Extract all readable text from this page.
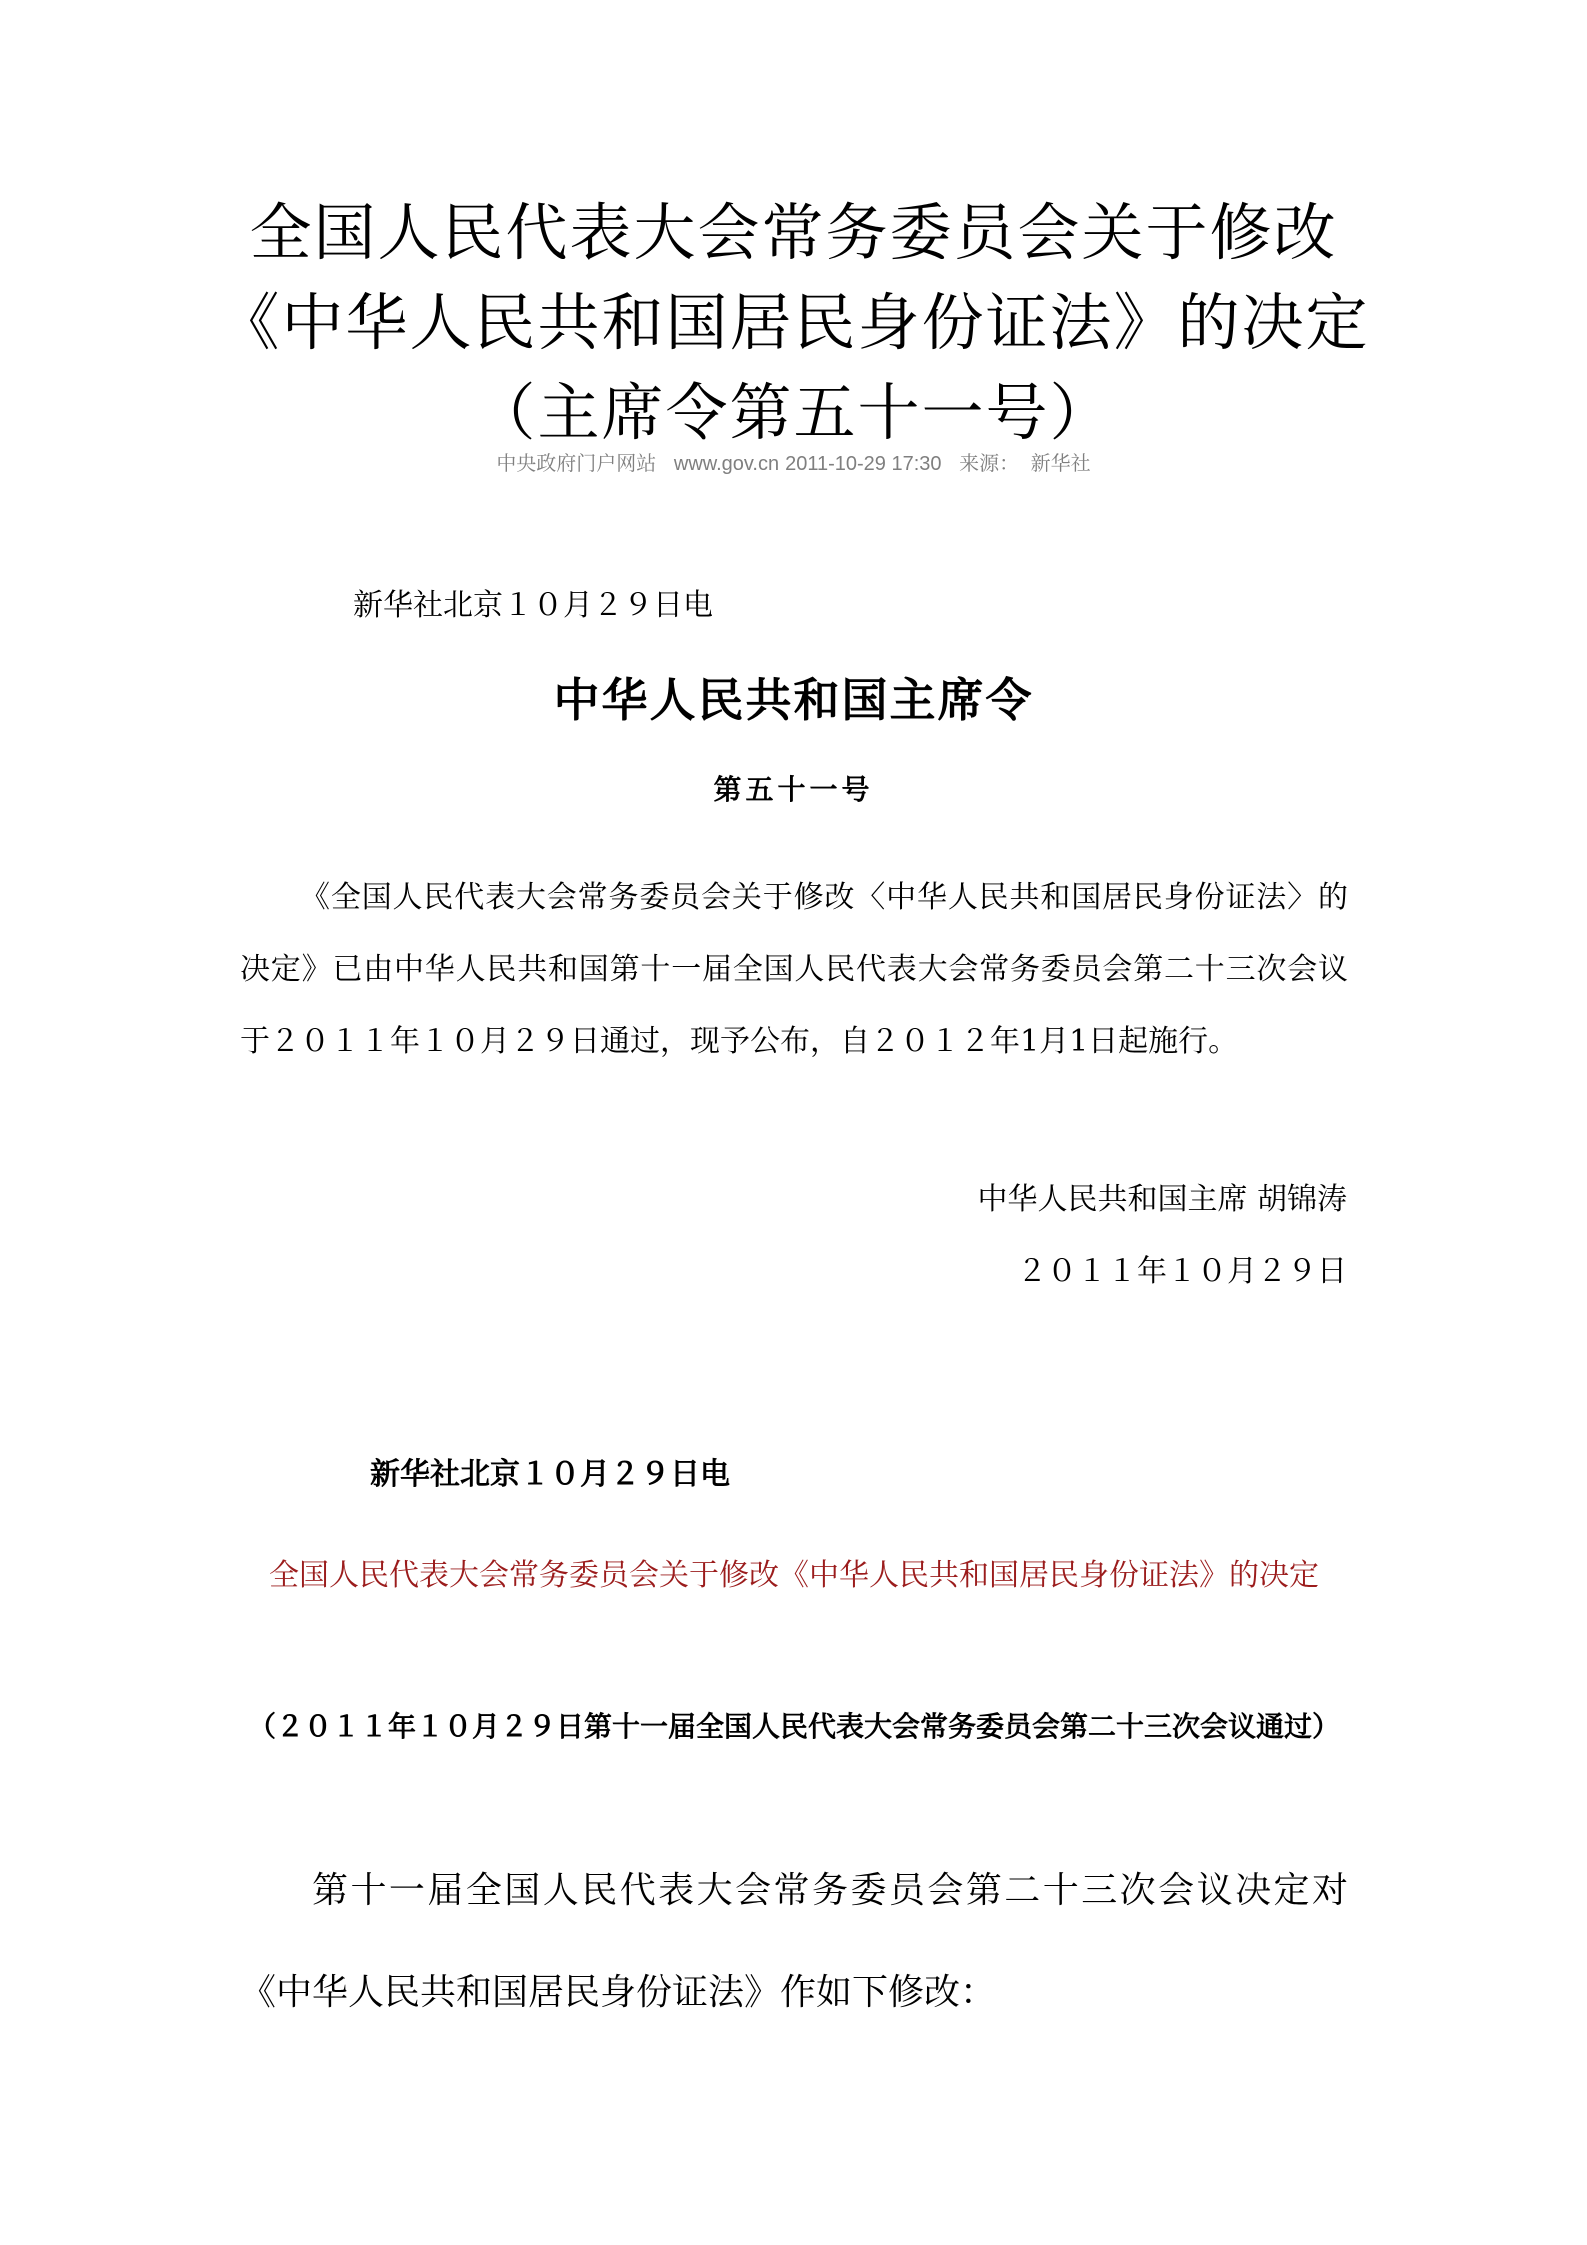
全国人民代表大会常务委员会关于修改《中华人民共和国居民身份证法》的决定（主席令第五十一号）
中央政府门户网站 www.gov.cn 2011-10-29 17:30 来源： 新华社
新华社北京１０月２９日电
中华人民共和国主席令
第五十一号
《全国人民代表大会常务委员会关于修改〈中华人民共和国居民身份证法〉的决定》已由中华人民共和国第十一届全国人民代表大会常务委员会第二十三次会议于２０１１年１０月２９日通过，现予公布，自２０１２年1月1日起施行。
中华人民共和国主席 胡锦涛
２０１１年１０月２９日
新华社北京１０月２９日电
全国人民代表大会常务委员会关于修改《中华人民共和国居民身份证法》的决定
（２０１１年１０月２９日第十一届全国人民代表大会常务委员会第二十三次会议通过）
第十一届全国人民代表大会常务委员会第二十三次会议决定对《中华人民共和国居民身份证法》作如下修改：
